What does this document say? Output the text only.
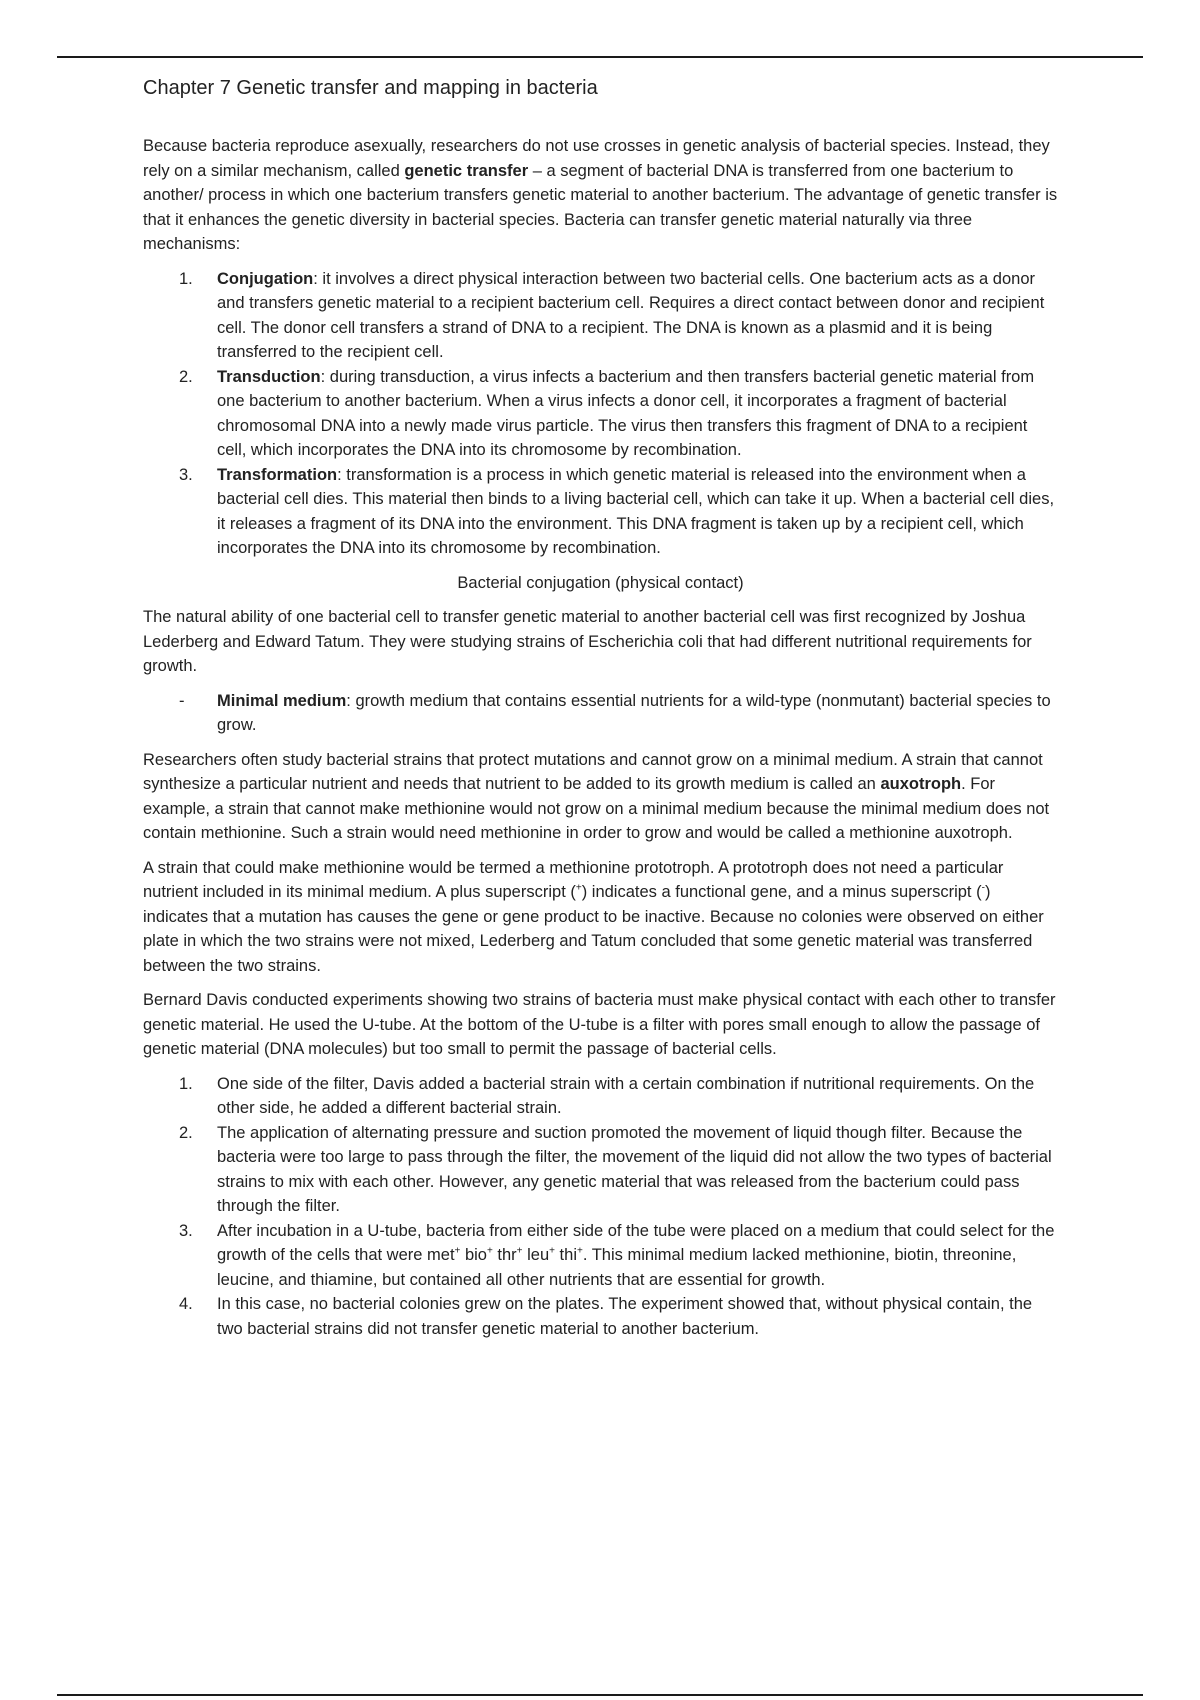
Chapter 7 Genetic transfer and mapping in bacteria

Because bacteria reproduce asexually, researchers do not use crosses in genetic analysis of bacterial species. Instead, they rely on a similar mechanism, called genetic transfer – a segment of bacterial DNA is transferred from one bacterium to another/ process in which one bacterium transfers genetic material to another bacterium. The advantage of genetic transfer is that it enhances the genetic diversity in bacterial species. Bacteria can transfer genetic material naturally via three mechanisms:

1. Conjugation: it involves a direct physical interaction between two bacterial cells. One bacterium acts as a donor and transfers genetic material to a recipient bacterium cell. Requires a direct contact between donor and recipient cell. The donor cell transfers a strand of DNA to a recipient. The DNA is known as a plasmid and it is being transferred to the recipient cell.
2. Transduction: during transduction, a virus infects a bacterium and then transfers bacterial genetic material from one bacterium to another bacterium. When a virus infects a donor cell, it incorporates a fragment of bacterial chromosomal DNA into a newly made virus particle. The virus then transfers this fragment of DNA to a recipient cell, which incorporates the DNA into its chromosome by recombination.
3. Transformation: transformation is a process in which genetic material is released into the environment when a bacterial cell dies. This material then binds to a living bacterial cell, which can take it up. When a bacterial cell dies, it releases a fragment of its DNA into the environment. This DNA fragment is taken up by a recipient cell, which incorporates the DNA into its chromosome by recombination.
Bacterial conjugation (physical contact)

The natural ability of one bacterial cell to transfer genetic material to another bacterial cell was first recognized by Joshua Lederberg and Edward Tatum. They were studying strains of Escherichia coli that had different nutritional requirements for growth.

- Minimal medium: growth medium that contains essential nutrients for a wild-type (nonmutant) bacterial species to grow.

Researchers often study bacterial strains that protect mutations and cannot grow on a minimal medium. A strain that cannot synthesize a particular nutrient and needs that nutrient to be added to its growth medium is called an auxotroph. For example, a strain that cannot make methionine would not grow on a minimal medium because the minimal medium does not contain methionine. Such a strain would need methionine in order to grow and would be called a methionine auxotroph.

A strain that could make methionine would be termed a methionine prototroph. A prototroph does not need a particular nutrient included in its minimal medium. A plus superscript (+) indicates a functional gene, and a minus superscript (-) indicates that a mutation has causes the gene or gene product to be inactive. Because no colonies were observed on either plate in which the two strains were not mixed, Lederberg and Tatum concluded that some genetic material was transferred between the two strains.

Bernard Davis conducted experiments showing two strains of bacteria must make physical contact with each other to transfer genetic material. He used the U-tube. At the bottom of the U-tube is a filter with pores small enough to allow the passage of genetic material (DNA molecules) but too small to permit the passage of bacterial cells.

1. One side of the filter, Davis added a bacterial strain with a certain combination if nutritional requirements. On the other side, he added a different bacterial strain.
2. The application of alternating pressure and suction promoted the movement of liquid though filter. Because the bacteria were too large to pass through the filter, the movement of the liquid did not allow the two types of bacterial strains to mix with each other. However, any genetic material that was released from the bacterium could pass through the filter.
3. After incubation in a U-tube, bacteria from either side of the tube were placed on a medium that could select for the growth of the cells that were met+ bio+ thr+ leu+ thi+. This minimal medium lacked methionine, biotin, threonine, leucine, and thiamine, but contained all other nutrients that are essential for growth.
4. In this case, no bacterial colonies grew on the plates. The experiment showed that, without physical contain, the two bacterial strains did not transfer genetic material to another bacterium.
